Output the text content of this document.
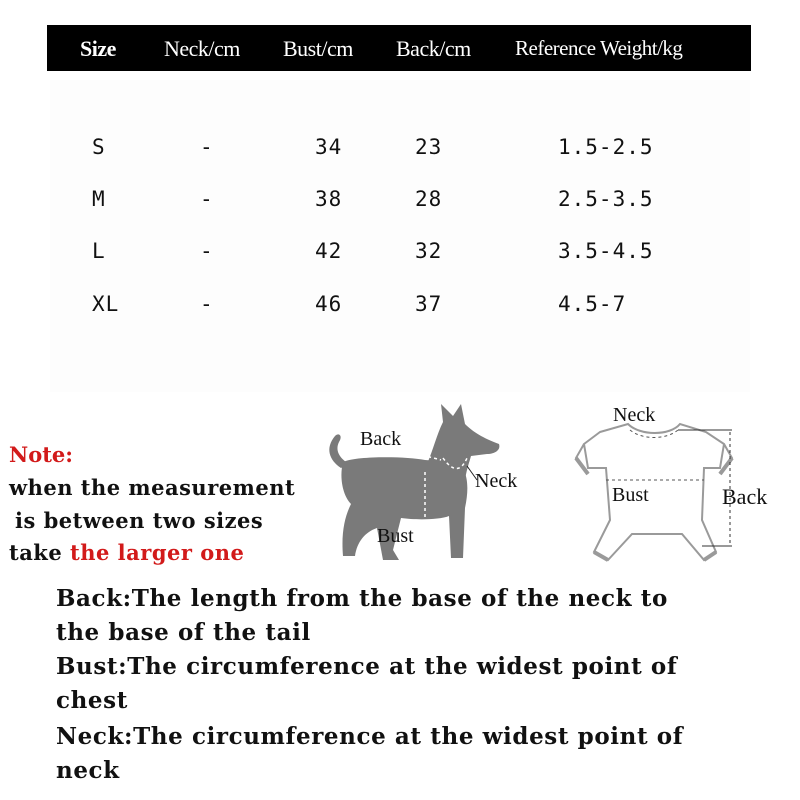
Size Neck/cm Bust/cm Back/cm Reference Weight/kg
S	-	34	23	1.5-2.5
M	-	38	28	2.5-3.5
L	-	42	32	3.5-4.5
XL	-	46	37	4.5-7
Note:
when the measurement
is between two sizes
take the larger one
Back
Neck
Bust
Neck
Bust	Back
Back:The length from the base of the neck to
the base of the tail
Bust:The circumference at the widest point of
chest
Neck:The circumference at the widest point of
neck
